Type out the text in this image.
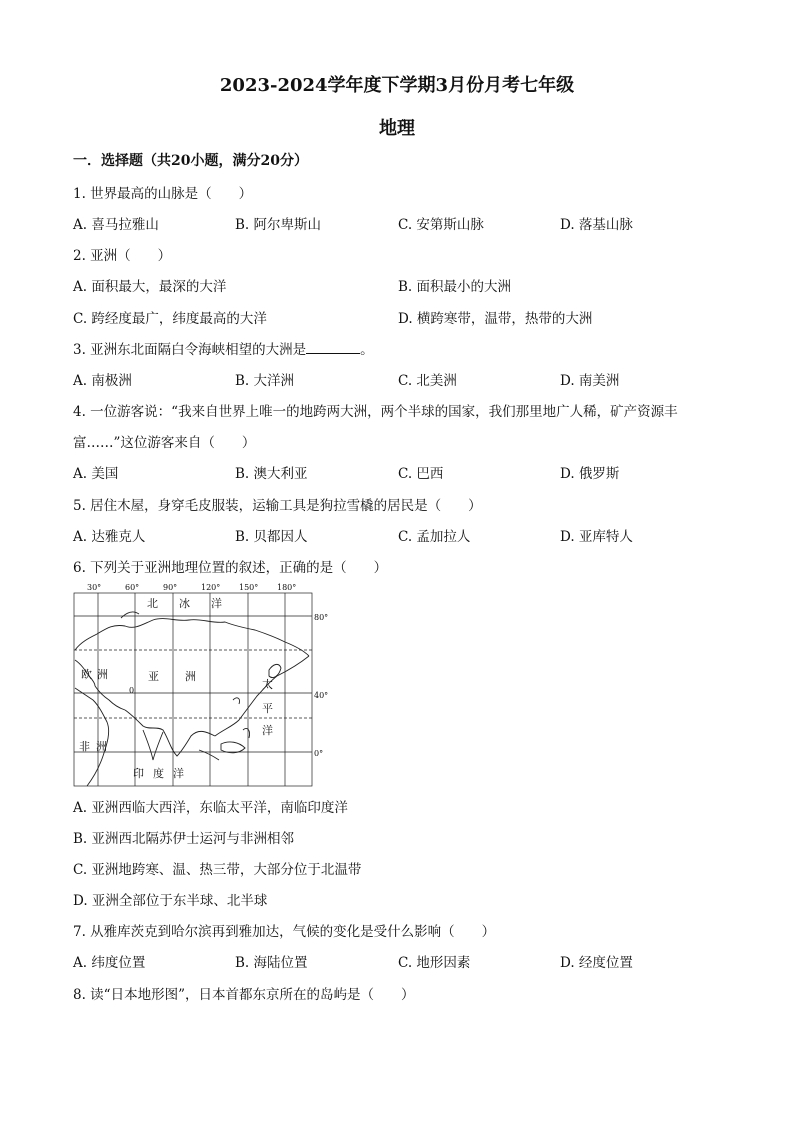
2023-2024学年度下学期3月份月考七年级
地理
一．选择题（共20小题，满分20分）
1. 世界最高的山脉是（　　）
A. 喜马拉雅山	B. 阿尔卑斯山	C. 安第斯山脉	D. 落基山脉
2. 亚洲（　　）
A. 面积最大，最深的大洋	B. 面积最小的大洲
C. 跨经度最广，纬度最高的大洋	D. 横跨寒带，温带，热带的大洲
3. 亚洲东北面隔白令海峡相望的大洲是	。
A. 南极洲	B. 大洋洲	C. 北美洲	D. 南美洲
4. 一位游客说：“我来自世界上唯一的地跨两大洲，两个半球的国家，我们那里地广人稀，矿产资源丰
富……”这位游客来自（　　）
A. 美国	B. 澳大利亚	C. 巴西	D. 俄罗斯
5. 居住木屋，身穿毛皮服装，运输工具是狗拉雪橇的居民是（　　）
A. 达雅克人	B. 贝都因人	C. 孟加拉人	D. 亚库特人
6. 下列关于亚洲地理位置的叙述，正确的是（　　）
30°	60°	90°	120° 150° 180°
80°
40°
0°
北 冰 洋
欧 洲	亚 洲
太
平
洋
非 洲
印 度 洋
0
A. 亚洲西临大西洋，东临太平洋，南临印度洋
B. 亚洲西北隔苏伊士运河与非洲相邻
C. 亚洲地跨寒、温、热三带，大部分位于北温带
D. 亚洲全部位于东半球、北半球
7. 从雅库茨克到哈尔滨再到雅加达，气候的变化是受什么影响（　　）
A. 纬度位置	B. 海陆位置	C. 地形因素	D. 经度位置
8. 读“日本地形图”，日本首都东京所在的岛屿是（　　）
